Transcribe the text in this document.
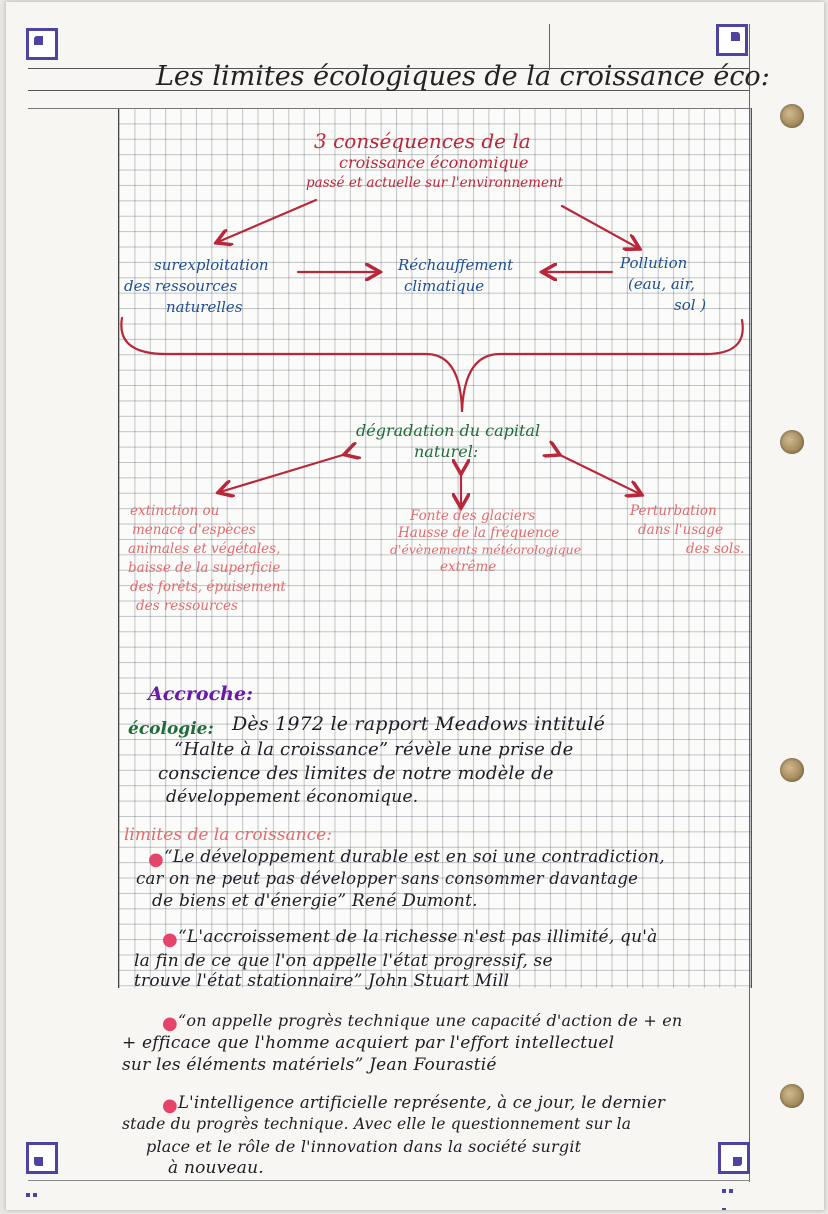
Les limites écologiques de la croissance éco:
3 conséquences de la
croissance économique
passé et actuelle sur l'environnement
surexploitation
des ressources
naturelles
Réchauffement
climatique
Pollution
(eau, air,
sol )
dégradation du capital
naturel:
extinction ou
menace d'espèces
animales et végétales,
baisse de la superficie
des forêts, épuisement
des ressources
Fonte des glaciers
Hausse de la fréquence
d'évènements météorologique
extrême
Perturbation
dans l'usage
des sols.
Accroche:
écologie: Dès 1972 le rapport Meadows intitulé
“Halte à la croissance” révèle une prise de
conscience des limites de notre modèle de
développement économique.
limites de la croissance:
● “Le développement durable est en soi une contradiction,
car on ne peut pas développer sans consommer davantage
de biens et d'énergie” René Dumont.
● “L'accroissement de la richesse n'est pas illimité, qu'à
la fin de ce que l'on appelle l'état progressif, se
trouve l'état stationnaire” John Stuart Mill
● “on appelle progrès technique une capacité d'action de + en
+ efficace que l'homme acquiert par l'effort intellectuel
sur les éléments matériels” Jean Fourastié
● L'intelligence artificielle représente, à ce jour, le dernier
stade du progrès technique. Avec elle le questionnement sur la
place et le rôle de l'innovation dans la société surgit
à nouveau.
